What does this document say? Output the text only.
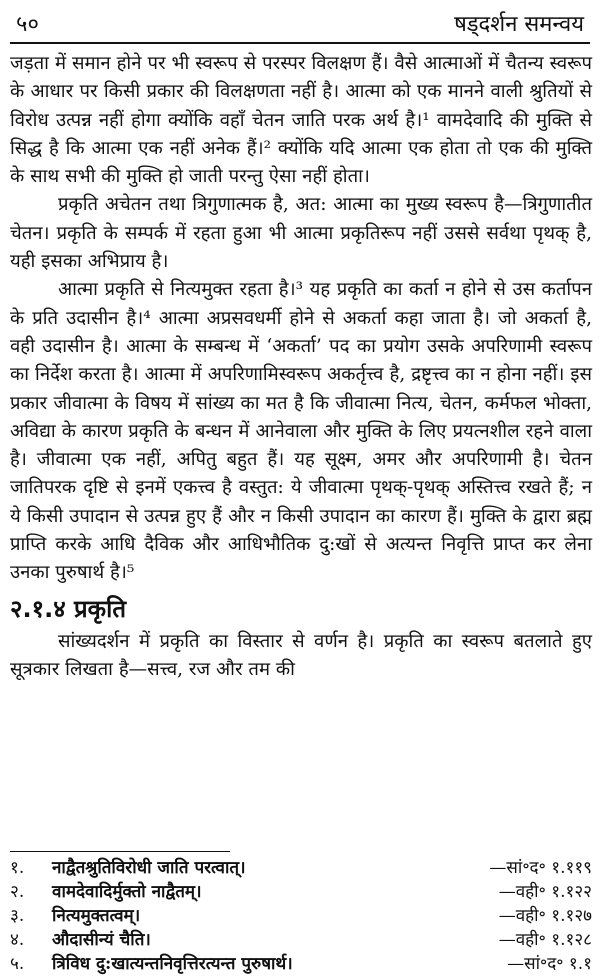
५०	षड्दर्शन समन्वय

जड़ता में समान होने पर भी स्वरूप से परस्पर विलक्षण हैं। वैसे आत्माओं में चैतन्य स्वरूप के आधार पर किसी प्रकार की विलक्षणता नहीं है। आत्मा को एक मानने वाली श्रुतियों से विरोध उत्पन्न नहीं होगा क्योंकि वहाँ चेतन जाति परक अर्थ है।¹ वामदेवादि की मुक्ति से सिद्ध है कि आत्मा एक नहीं अनेक हैं।² क्योंकि यदि आत्मा एक होता तो एक की मुक्ति के साथ सभी की मुक्ति हो जाती परन्तु ऐसा नहीं होता।

प्रकृति अचेतन तथा त्रिगुणात्मक है, अत: आत्मा का मुख्य स्वरूप है—त्रिगुणातीत चेतन। प्रकृति के सम्पर्क में रहता हुआ भी आत्मा प्रकृतिरूप नहीं उससे सर्वथा पृथक् है, यही इसका अभिप्राय है।

आत्मा प्रकृति से नित्यमुक्त रहता है।³ यह प्रकृति का कर्ता न होने से उस कर्तापन के प्रति उदासीन है।⁴ आत्मा अप्रसवधर्मी होने से अकर्ता कहा जाता है। जो अकर्ता है, वही उदासीन है। आत्मा के सम्बन्ध में ‘अकर्ता’ पद का प्रयोग उसके अपरिणामी स्वरूप का निर्देश करता है। आत्मा में अपरिणामिस्वरूप अकर्तृत्त्व है, द्रष्टृत्त्व का न होना नहीं। इस प्रकार जीवात्मा के विषय में सांख्य का मत है कि जीवात्मा नित्य, चेतन, कर्मफल भोक्ता, अविद्या के कारण प्रकृति के बन्धन में आनेवाला और मुक्ति के लिए प्रयत्नशील रहने वाला है। जीवात्मा एक नहीं, अपितु बहुत हैं। यह सूक्ष्म, अमर और अपरिणामी है। चेतन जातिपरक दृष्टि से इनमें एकत्त्व है वस्तुत: ये जीवात्मा पृथक्-पृथक् अस्तित्त्व रखते हैं; न ये किसी उपादान से उत्पन्न हुए हैं और न किसी उपादान का कारण हैं। मुक्ति के द्वारा ब्रह्म प्राप्ति करके आधि दैविक और आधिभौतिक दु:खों से अत्यन्त निवृत्ति प्राप्त कर लेना उनका पुरुषार्थ है।⁵

२.१.४ प्रकृति

सांख्यदर्शन में प्रकृति का विस्तार से वर्णन है। प्रकृति का स्वरूप बतलाते हुए सूत्रकार लिखता है—सत्त्व, रज और तम की

१.	नाद्वैतश्रुतिविरोधी जाति परत्वात्।	—सां॰द॰ १.११९
२.	वामदेवादिर्मुक्तो नाद्वैतम्।	—वही॰ १.१२२
३.	नित्यमुक्तत्वम्।	—वही॰ १.१२७
४.	औदासीन्यं चैति।	—वही॰ १.१२८
५.	त्रिविध दु:खात्यन्तनिवृत्तिरत्यन्त पुरुषार्थ।	—सां॰द॰ १.१
